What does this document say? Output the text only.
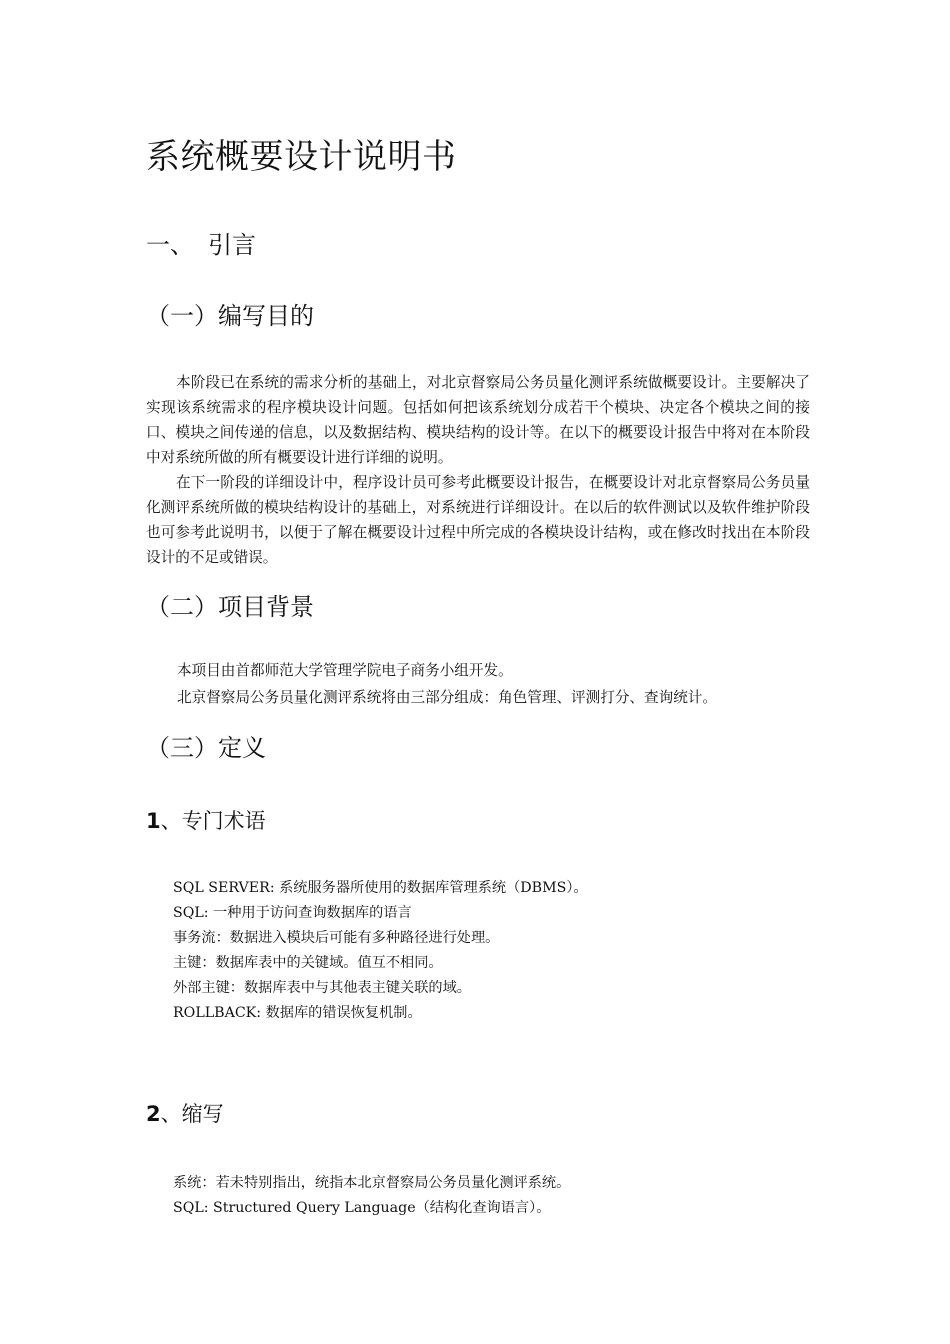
系统概要设计说明书
一、 引言
（一）编写目的

本阶段已在系统的需求分析的基础上，对北京督察局公务员量化测评系统做概要设计。主要解决了实现该系统需求的程序模块设计问题。包括如何把该系统划分成若干个模块、决定各个模块之间的接口、模块之间传递的信息，以及数据结构、模块结构的设计等。在以下的概要设计报告中将对在本阶段中对系统所做的所有概要设计进行详细的说明。

在下一阶段的详细设计中，程序设计员可参考此概要设计报告，在概要设计对北京督察局公务员量化测评系统所做的模块结构设计的基础上，对系统进行详细设计。在以后的软件测试以及软件维护阶段也可参考此说明书，以便于了解在概要设计过程中所完成的各模块设计结构，或在修改时找出在本阶段设计的不足或错误。

（二）项目背景
本项目由首都师范大学管理学院电子商务小组开发。
北京督察局公务员量化测评系统将由三部分组成：角色管理、评测打分、查询统计。
（三）定义
1、专门术语
SQL SERVER: 系统服务器所使用的数据库管理系统（DBMS）。
SQL: 一种用于访问查询数据库的语言
事务流：数据进入模块后可能有多种路径进行处理。
主键：数据库表中的关键域。值互不相同。
外部主键：数据库表中与其他表主键关联的域。
ROLLBACK: 数据库的错误恢复机制。
2、缩写
系统：若未特别指出，统指本北京督察局公务员量化测评系统。
SQL: Structured Query Language（结构化查询语言）。
